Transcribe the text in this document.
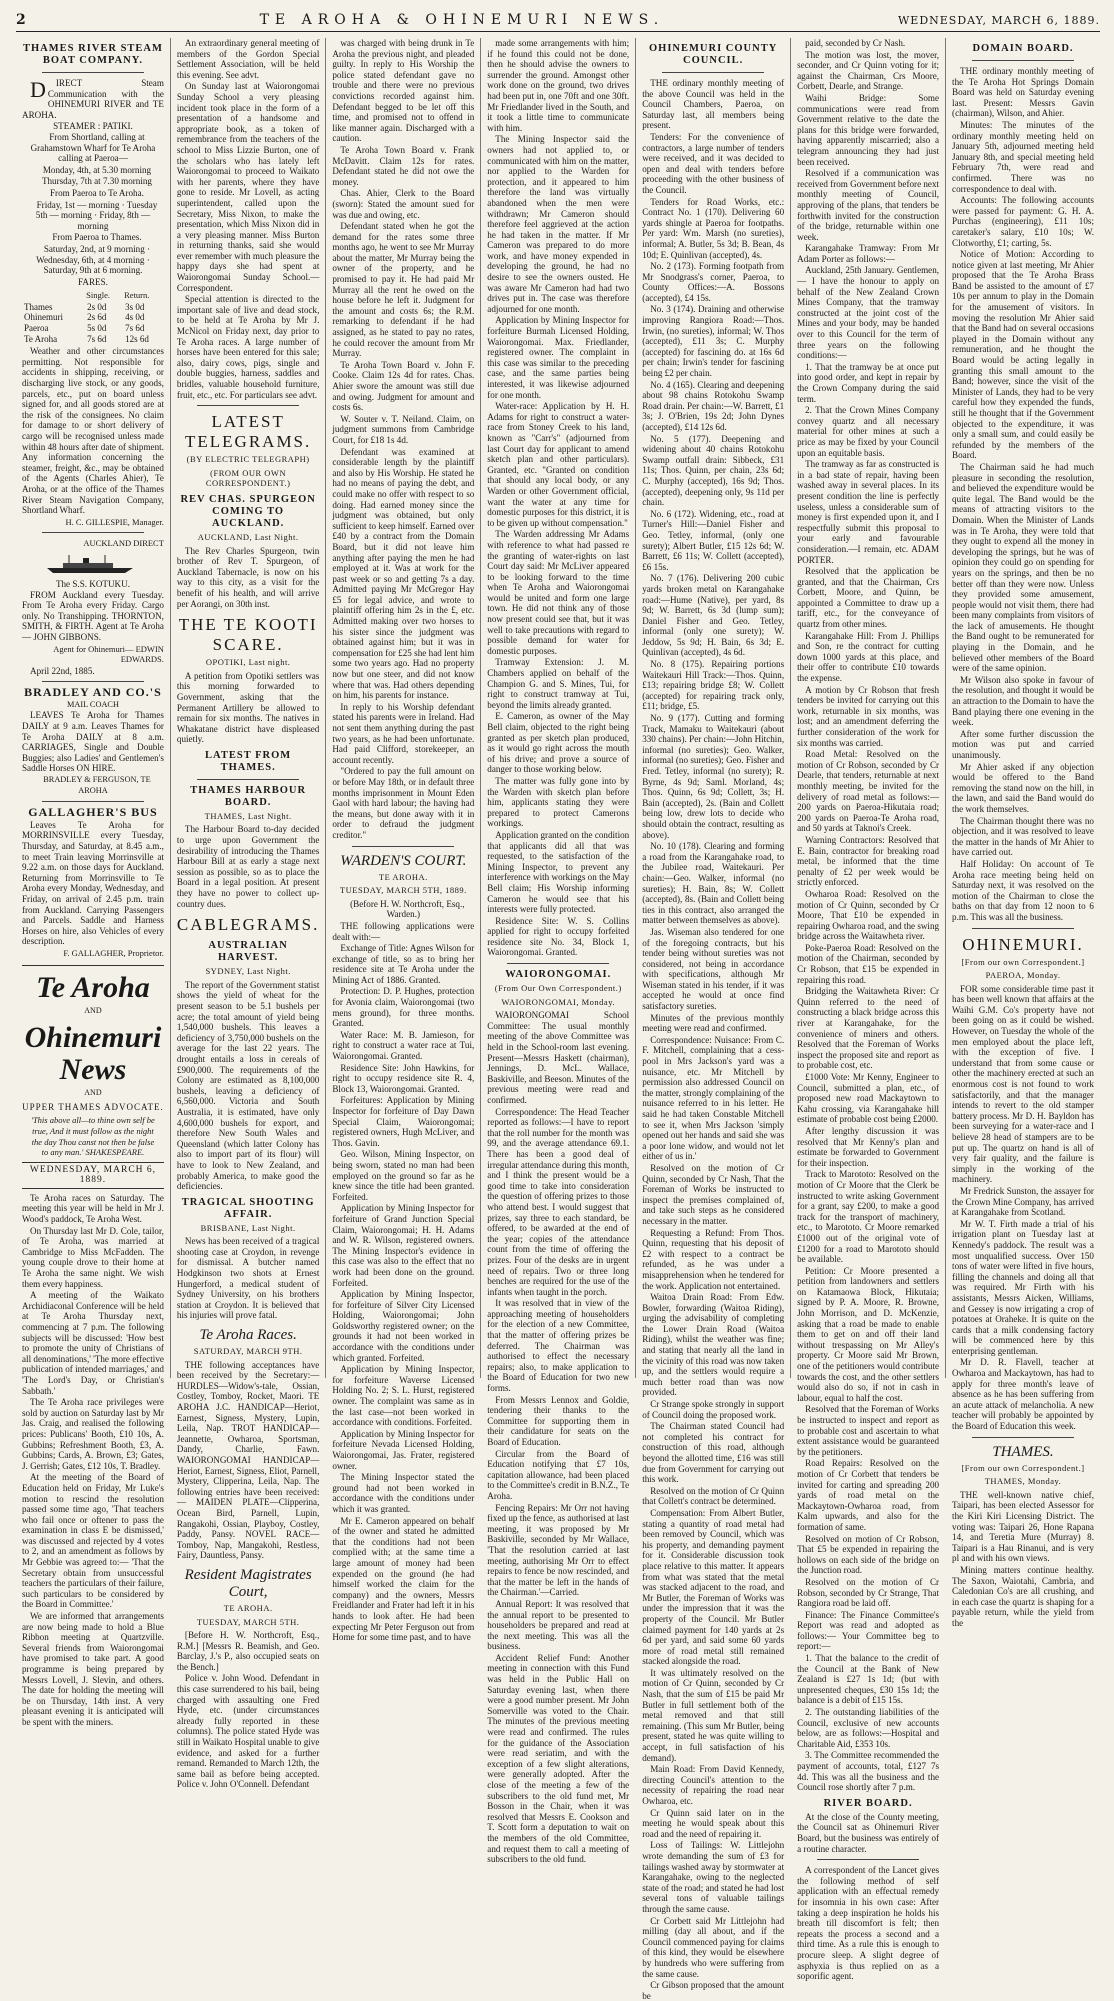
2	TE AROHA & OHINEMURI NEWS.	WEDNESDAY, MARCH 6, 1889.
THAMES RIVER STEAM BOAT COMPANY.

D IRECT Steam Communication with the OHINEMURI RIVER and TE AROHA.

STEAMER : PATIKI.

From Shortland, calling at Grahamstown Wharf for Te Aroha calling at Paeroa—

Monday, 4th, at 5.30 morning

Thursday, 7th at 7.30 morning

From Paeroa to Te Aroha.

Friday, 1st — morning · Tuesday 5th — morning · Friday, 8th — morning

From Paeroa to Thames.

Saturday, 2nd, at 9 morning · Wednesday, 6th, at 4 morning · Saturday, 9th at 6 morning.

FARES.
	Single.	Return.
Thames	2s 0d	3s 0d
Ohinemuri	2s 6d	4s 0d
Paeroa	5s 0d	7s 6d
Te Aroha	7s 6d	12s 6d

Weather and other circumstances permitting. Not responsible for accidents in shipping, receiving, or discharging live stock, or any goods, parcels, etc., put on board unless signed for, and all goods stored are at the risk of the consignees. No claim for damage to or short delivery of cargo will be recognised unless made within 48 hours after date of shipment. Any information concerning the steamer, freight, &c., may be obtained of the Agents (Charles Ahier), Te Aroha, or at the office of the Thames River Steam Navigation Company, Shortland Wharf.

H. C. GILLESPIE, Manager.

AUCKLAND DIRECT
The S.S. KOTUKU.

FROM Auckland every Tuesday. From Te Aroha every Friday. Cargo only. No Transhipping. THORNTON, SMITH, & FIRTH. Agent at Te Aroha— JOHN GIBBONS.

Agent for Ohinemuri— EDWIN EDWARDS.

April 22nd, 1885.

BRADLEY AND CO.'S
MAIL COACH

LEAVES Te Aroha for Thames DAILY at 9 a.m. Leaves Thames for Te Aroha DAILY at 8 a.m. CARRIAGES, Single and Double Buggies; also Ladies' and Gentlemen's Saddle Horses ON HIRE.

BRADLEY & FERGUSON, TE AROHA

GALLAGHER'S BUS

Leaves Te Aroha for MORRINSVILLE every Tuesday, Thursday, and Saturday, at 8.45 a.m., to meet Train leaving Morrinsville at 9.22 a.m. on those days for Auckland. Returning from Morrinsville to Te Aroha every Monday, Wednesday, and Friday, on arrival of 2.45 p.m. train from Auckland. Carrying Passengers and Parcels. Saddle and Harness Horses on hire, also Vehicles of every description.

F. GALLAGHER, Proprietor.

Te Aroha
AND
Ohinemuri News
AND
UPPER THAMES ADVOCATE.
'This above all—to thine own self be true, And it must follow as the night the day Thou canst not then be false to any man.' SHAKESPEARE.
WEDNESDAY, MARCH 6, 1889.

Te Aroha races on Saturday. The meeting this year will be held in Mr J. Wood's paddock, Te Aroha West.

On Thursday last Mr D. Cole, tailor, of Te Aroha, was married at Cambridge to Miss McFadden. The young couple drove to their home at Te Aroha the same night. We wish them every happiness.

A meeting of the Waikato Archidiaconal Conference will be held at Te Aroha Thursday next, commencing at 7 p.m. The following subjects will be discussed: 'How best to promote the unity of Christians of all denominations,' 'The more effective publication of intended marriages,' and 'The Lord's Day, or Christian's Sabbath.'

The Te Aroha race privileges were sold by auction on Saturday last by Mr Jas. Craig, and realised the following prices: Publicans' Booth, £10 10s, A. Gubbins; Refreshment Booth, £3, A. Gubbins; Cards, A. Brown, £3; Gates, J. Gerrish; Gates, £12 10s, T. Bradley.

At the meeting of the Board of Education held on Friday, Mr Luke's motion to rescind the resolution passed some time ago, 'That teachers who fail once or oftener to pass the examination in class E be dismissed,' was discussed and rejected by 4 votes to 2, and an amendment as follows by Mr Gebbie was agreed to:— 'That the Secretary obtain from unsuccessful teachers the particulars of their failure, such particulars to be considered by the Board in Committee.'

We are informed that arrangements are now being made to hold a Blue Ribbon meeting at Quartzville. Several friends from Waiorongomai have promised to take part. A good programme is being prepared by Messrs Lovell, J. Slevin, and others. The date for holding the meeting will be on Thursday, 14th inst. A very pleasant evening it is anticipated will be spent with the miners.

An extraordinary general meeting of members of the Gordon Special Settlement Association, will be held this evening. See advt.

On Sunday last at Waiorongomai Sunday School a very pleasing incident took place in the form of a presentation of a handsome and appropriate book, as a token of remembrance from the teachers of the school to Miss Lizzie Burton, one of the scholars who has lately left Waiorongomai to proceed to Waikato with her parents, where they have gone to reside. Mr Lovell, as acting superintendent, called upon the Secretary, Miss Nixon, to make the presentation, which Miss Nixon did in a very pleasing manner. Miss Burton in returning thanks, said she would ever remember with much pleasure the happy days she had spent at Waiorongomai Sunday School.—Correspondent.

Special attention is directed to the important sale of live and dead stock, to be held at Te Aroha by Mr J. McNicol on Friday next, day prior to Te Aroha races. A large number of horses have been entered for this sale; also, dairy cows, pigs, single and double buggies, harness, saddles and bridles, valuable household furniture, fruit, etc., etc. For particulars see advt.

LATEST TELEGRAMS.
(BY ELECTRIC TELEGRAPH)
(FROM OUR OWN CORRESPONDENT.)
REV CHAS. SPURGEON COMING TO AUCKLAND.
AUCKLAND, Last Night.

The Rev Charles Spurgeon, twin brother of Rev T. Spurgeon, of Auckland Tabernacle, is now on his way to this city, as a visit for the benefit of his health, and will arrive per Aorangi, on 30th inst.

THE TE KOOTI SCARE.
OPOTIKI, Last night.

A petition from Opotiki settlers was this morning forwarded to Government, asking that the Permanent Artillery be allowed to remain for six months. The natives in Whakatane district have displeased quietly.

LATEST FROM THAMES.
THAMES HARBOUR BOARD.
THAMES, Last Night.

The Harbour Board to-day decided to urge upon Government the desirability of introducing the Thames Harbour Bill at as early a stage next session as possible, so as to place the Board in a legal position. At present they have no power to collect up-country dues.

CABLEGRAMS.
AUSTRALIAN HARVEST.
SYDNEY, Last Night.

The report of the Government statist shows the yield of wheat for the present season to be 5.1 bushels per acre; the total amount of yield being 1,540,000 bushels. This leaves a deficiency of 3,750,000 bushels on the average for the last 22 years. The drought entails a loss in cereals of £900,000. The requirements of the Colony are estimated as 8,100,000 bushels, leaving a deficiency of 6,560,000. Victoria and South Australia, it is estimated, have only 4,600,000 bushels for export, and therefore New South Wales and Queensland (which latter Colony has also to import part of its flour) will have to look to New Zealand, and probably America, to make good the deficiencies.

TRAGICAL SHOOTING AFFAIR.
BRISBANE, Last Night.

News has been received of a tragical shooting case at Croydon, in revenge for dismissal. A butcher named Hodgkinson two shots at Ernest Hungerford, a medical student of Sydney University, on his brothers station at Croydon. It is believed that his injuries will prove fatal.

Te Aroha Races.
SATURDAY, MARCH 9TH.

THE following acceptances have been received by the Secretary:— HURDLES—Widow's-tale, Ossian, Costley, Tomboy, Rocket, Maori. TE AROHA J.C. HANDICAP—Heriot, Earnest, Signess, Mystery, Lupin, Leila, Nap. TROT HANDICAP—Jeannette, Owharoa, Sportsman, Dandy, Charlie, Fawn. WAIORONGOMAI HANDICAP—Heriot, Earnest, Signess, Eliot, Parnell, Mystery, Clipperina, Leila, Nap. The following entries have been received:— MAIDEN PLATE—Clipperina, Ocean Bird, Parnell, Lupin, Rangakohi, Ossian, Playboy, Costley, Paddy, Pansy. NOVEL RACE—Tomboy, Nap, Mangakohi, Restless, Fairy, Dauntless, Pansy.

Resident Magistrates Court,
TE AROHA.
TUESDAY, MARCH 5TH.

[Before H. W. Northcroft, Esq., R.M.] [Messrs R. Beamish, and Geo. Barclay, J.'s P., also occupied seats on the Bench.]

Police v. John Wood. Defendant in this case surrendered to his bail, being charged with assaulting one Fred Hyde, etc. (under circumstances already fully reported in these columns). The police stated Hyde was still in Waikato Hospital unable to give evidence, and asked for a further remand. Remanded to March 12th, the same bail as before being accepted. Police v. John O'Connell. Defendant

was charged with being drunk in Te Aroha the previous night, and pleaded guilty. In reply to His Worship the police stated defendant gave no trouble and there were no previous convictions recorded against him. Defendant begged to be let off this time, and promised not to offend in like manner again. Discharged with a caution.

Te Aroha Town Board v. Frank McDavitt. Claim 12s for rates. Defendant stated he did not owe the money.

Chas. Ahier, Clerk to the Board (sworn): Stated the amount sued for was due and owing, etc.

Defendant stated when he got the demand for the rates some three months ago, he went to see Mr Murray about the matter, Mr Murray being the owner of the property, and he promised to pay it. He had paid Mr Murray all the rent he owed on the house before he left it. Judgment for the amount and costs 6s; the R.M. remarking to defendant if he had assigned, as he stated to pay no rates, he could recover the amount from Mr Murray.

Te Aroha Town Board v. John F. Cooke. Claim 12s 4d for rates. Chas. Ahier swore the amount was still due and owing. Judgment for amount and costs 6s.

W. Souter v. T. Neiland. Claim, on judgment summons from Cambridge Court, for £18 1s 4d.

Defendant was examined at considerable length by the plaintiff and also by His Worship. He stated he had no means of paying the debt, and could make no offer with respect to so doing. Had earned money since the judgment was obtained, but only sufficient to keep himself. Earned over £40 by a contract from the Domain Board, but it did not leave him anything after paying the men he had employed at it. Was at work for the past week or so and getting 7s a day. Admitted paying Mr McGregor Hay £5 for legal advice, and wrote to plaintiff offering him 2s in the £, etc. Admitted making over two horses to his sister since the judgment was obtained against him; but it was in compensation for £25 she had lent him some two years ago. Had no property now but one steer, and did not know where that was. Had others depending on him, his parents for instance.

In reply to his Worship defendant stated his parents were in Ireland. Had not sent them anything during the past two years, as he had been unfortunate. Had paid Clifford, storekeeper, an account recently.

"Ordered to pay the full amount on or before May 18th, or in default three months imprisonment in Mount Eden Gaol with hard labour; the having had the means, but done away with it in order to defraud the judgment creditor."

WARDEN'S COURT.
TE AROHA.
TUESDAY, MARCH 5TH, 1889.

(Before H. W. Northcroft, Esq., Warden.)

THE following applications were dealt with:—

Exchange of Title: Agnes Wilson for exchange of title, so as to bring her residence site at Te Aroha under the Mining Act of 1886. Granted.

Protection: D. P. Hughes, protection for Avonia claim, Waiorongomai (two mens ground), for three months. Granted.

Water Race: M. B. Jamieson, for right to construct a water race at Tui, Waiorongomai. Granted.

Residence Site: John Hawkins, for right to occupy residence site R. 4, Block 13, Waiorongomai. Granted.

Forfeitures: Application by Mining Inspector for forfeiture of Day Dawn Special Claim, Waiorongomai; registered owners, Hugh McLiver, and Thos. Gavin.

Geo. Wilson, Mining Inspector, on being sworn, stated no man had been employed on the ground so far as he knew since the title had been granted. Forfeited.

Application by Mining Inspector for forfeiture of Grand Junction Special Claim, Waiorongomai; H. H. Adams and W. R. Wilson, registered owners. The Mining Inspector's evidence in this case was also to the effect that no work had been done on the ground. Forfeited.

Application by Mining Inspector, for forfeiture of Silver City Licensed Holding, Waiorongomai; John Goldsworthy registered owner; on the grounds it had not been worked in accordance with the conditions under which granted. Forfeited.

Application by Mining Inspector, for forfeiture Waverse Licensed Holding No. 2; S. L. Hurst, registered owner. The complaint was same as in the last case—not been worked in accordance with conditions. Forfeited.

Application by Mining Inspector for forfeiture Nevada Licensed Holding, Waiorongomai, Jas. Frater, registered owner.

The Mining Inspector stated the ground had not been worked in accordance with the conditions under which it was granted.

Mr E. Cameron appeared on behalf of the owner and stated he admitted that the conditions had not been complied with; at the same time a large amount of money had been expended on the ground (he had himself worked the claim for the company) and the owners, Messrs Freidlander and Frater had left it in his hands to look after. He had been expecting Mr Peter Ferguson out from Home for some time past, and to have

made some arrangements with him; if he found this could not be done, then he should advise the owners to surrender the ground. Amongst other work done on the ground, two drives had been put in, one 70ft and one 30ft. Mr Friedlander lived in the South, and it took a little time to communicate with him.

The Mining Inspector said the owners had not applied to, or communicated with him on the matter, nor applied to the Warden for protection, and it appeared to him therefore the land was virtually abandoned when the men were withdrawn; Mr Cameron should therefore feel aggrieved at the action he had taken in the matter. If Mr Cameron was prepared to do more work, and have money expended in developing the ground, he had no desire to see the owners ousted. He was aware Mr Cameron had had two drives put in. The case was therefore adjourned for one month.

Application by Mining Inspector for forfeiture Burmah Licensed Holding, Waiorongomai. Max. Friedlander, registered owner. The complaint in this case was similar to the preceding case, and the same parties being interested, it was likewise adjourned for one month.

Water-race: Application by H. H. Adams for right to construct a water-race from Stoney Creek to his land, known as "Carr's" (adjourned from last Court day for applicant to amend sketch plan and other particulars). Granted, etc. "Granted on condition that should any local body, or any Warden or other Government official, want the water at any time for domestic purposes for this district, it is to be given up without compensation."

The Warden addressing Mr Adams with reference to what had passed re the granting of water-rights on last Court day said: Mr McLiver appeared to be looking forward to the time when Te Aroha and Waiorongomai would be united and form one large town. He did not think any of those now present could see that, but it was well to take precautions with regard to possible demand for water for domestic purposes.

Tramway Extension: J. M. Chambers applied on behalf of the Champion G. and S. Mines, Tui, for right to construct tramway at Tui, beyond the limits already granted.

E. Cameron, as owner of the May Bell claim, objected to the right being granted as per sketch plan produced, as it would go right across the mouth of his drive; and prove a source of danger to those working below.

The matter was fully gone into by the Warden with sketch plan before him, applicants stating they were prepared to protect Camerons workings.

Application granted on the condition that applicants did all that was requested, to the satisfaction of the Mining Inspector, to prevent any interference with workings on the May Bell claim; His Worship informing Cameron he would see that his interests were fully protected.

Residence Site: W. S. Collins applied for right to occupy forfeited residence site No. 34, Block 1, Waiorongomai. Granted.

WAIORONGOMAI.
(From Our Own Correspondent.)
WAIORONGOMAI, Monday.

WAIORONGOMAI School Committee: The usual monthly meeting of the above Committee was held in the School-room last evening. Present—Messrs Haskett (chairman), Jennings, D. McL. Wallace, Baskiville, and Beeson. Minutes of the previous meeting were read and confirmed.

Correspondence: The Head Teacher reported as follows:—I have to report that the roll number for the month was 99, and the average attendance 69.1. There has been a good deal of irregular attendance during this month, and I think the present would be a good time to take into consideration the question of offering prizes to those who attend best. I would suggest that prizes, say three to each standard, be offered, to be awarded at the end of the year; copies of the attendance count from the time of offering the prizes. Four of the desks are in urgent need of repairs. Two or three long benches are required for the use of the infants when taught in the porch.

It was resolved that in view of the approaching meeting of householders for the election of a new Committee, that the matter of offering prizes be deferred. The Chairman was authorised to effect the necessary repairs; also, to make application to the Board of Education for two new forms.

From Messrs Lennox and Goldie, tendering their thanks to the Committee for supporting them in their candidature for seats on the Board of Education.

Circular from the Board of Education notifying that £7 10s, capitation allowance, had been placed to the Committee's credit in B.N.Z., Te Aroha.

Fencing Repairs: Mr Orr not having fixed up the fence, as authorised at last meeting, it was proposed by Mr Baskiville, seconded by Mr Wallace, 'That the resolution carried at last meeting, authorising Mr Orr to effect repairs to fence be now rescinded, and that the matter be left in the hands of the Chairman.'—Carried.

Annual Report: It was resolved that the annual report to be presented to householders be prepared and read at the next meeting. This was all the business.

Accident Relief Fund: Another meeting in connection with this Fund was held in the Public Hall on Saturday evening last, when there were a good number present. Mr John Somerville was voted to the Chair. The minutes of the previous meeting were read and confirmed. The rules for the guidance of the Association were read seriatim, and with the exception of a few slight alterations, were generally adopted. After the close of the meeting a few of the subscribers to the old fund met, Mr Bosson in the Chair, when it was resolved that Messrs E. Cookson and T. Scott form a deputation to wait on the members of the old Committee, and request them to call a meeting of subscribers to the old fund.

OHINEMURI COUNTY COUNCIL.

THE ordinary monthly meeting of the above Council was held in the Council Chambers, Paeroa, on Saturday last, all members being present.

Tenders: For the convenience of contractors, a large number of tenders were received, and it was decided to open and deal with tenders before proceeding with the other business of the Council.

Tenders for Road Works, etc.: Contract No. 1 (170). Delivering 60 yards shingle at Paeroa for footpaths. Per yard: Wm. Marsh (no sureties), informal; A. Butler, 5s 3d; B. Bean, 4s 10d; E. Quinlivan (accepted), 4s.

No. 2 (173). Forming footpath from Mr Snodgrass's corner, Paeroa, to County Offices:—A. Bossons (accepted), £4 15s.

No. 3 (174). Draining and otherwise improving Rangiora Road:—Thos. Irwin, (no sureties), informal; W. Thos (accepted), £11 3s; C. Murphy (accepted) for fascining do. at 16s 6d per chain; Irwin's tender for fascining being £2 per chain.

No. 4 (165). Clearing and deepening about 98 chains Rotokohu Swamp Road drain. Per chain:—W. Barrett, £1 3s; J. O'Brien, 19s 2d; John Dynes (accepted), £14 12s 6d.

No. 5 (177). Deepening and widening about 40 chains Rotokohu Swamp outfall drain: Sibbeck, £31 11s; Thos. Quinn, per chain, 23s 6d; C. Murphy (accepted), 16s 9d; Thos. (accepted), deepening only, 9s 11d per chain.

No. 6 (172). Widening, etc., road at Turner's Hill:—Daniel Fisher and Geo. Tetley, informal, (only one surety); Albert Butler, £15 12s 6d; W. Barrett, £6 11s; W. Collett (accepted), £6 15s.

No. 7 (176). Delivering 200 cubic yards broken metal on Karangahake road:—Hume (Native), per yard, 8s 9d; W. Barrett, 6s 3d (lump sum); Daniel Fisher and Geo. Tetley, informal (only one surety); W. Jeddow, 5s 9d; H. Bain, 6s 3d; E. Quinlivan (accepted), 4s 6d.

No. 8 (175). Repairing portions Waitekauri Hill Track:—Thos. Quinn, £13; repairing bridge £8; W. Collett (accepted) for repairing track only, £11; bridge, £5.

No. 9 (177). Cutting and forming Track, Mamaku to Waitekauri (about 330 chains). Per chain:—John Hitchin, informal (no sureties); Geo. Walker, informal (no sureties); Geo. Fisher and Fred. Tetley, informal (no surety); R. Byrne, 4s 9d; Saml. Morland, 4s; Thos. Quinn, 6s 9d; Collett, 3s; H. Bain (accepted), 2s. (Bain and Collett being low, drew lots to decide who should obtain the contract, resulting as above).

No. 10 (178). Clearing and forming a road from the Karangahake road, to the Jubilee road, Waitekauri. Per chain:—Geo. Walker, informal (no sureties); H. Bain, 8s; W. Collett (accepted), 8s. (Bain and Collett being ties in this contract, also arranged the matter between themselves as above).

Jas. Wiseman also tendered for one of the foregoing contracts, but his tender being without sureties was not considered, not being in accordance with specifications, although Mr Wiseman stated in his tender, if it was accepted he would at once find satisfactory sureties.

Minutes of the previous monthly meeting were read and confirmed.

Correspondence: Nuisance: From C. F. Mitchell, complaining that a cess-pool in Mrs Jackson's yard was a nuisance, etc. Mr Mitchell by permission also addressed Council on the matter, strongly complaining of the nuisance referred to in his letter. He said he had taken Constable Mitchell to see it, when Mrs Jackson 'simply opened out her hands and said she was a poor lone widow, and would not let either of us in.'

Resolved on the motion of Cr Quinn, seconded by Cr Nash, That the Foreman of Works be instructed to inspect the premises complained of, and take such steps as he considered necessary in the matter.

Requesting a Refund: From Thos. Quinn, requesting that his deposit of £2 with respect to a contract be refunded, as he was under a misapprehension when he tendered for the work. Application not entertained.

Waitoa Drain Road: From Edw. Bowler, forwarding (Waitoa Riding), urging the advisability of completing the Lower Drain Road (Waitoa Riding), whilst the weather was fine; and stating that nearly all the land in the vicinity of this road was now taken up, and the settlers would require a much better road than was now provided.

Cr Strange spoke strongly in support of Council doing the proposed work.

The Chairman stated Council had not completed his contract for construction of this road, although beyond the allotted time, £16 was still due from Government for carrying out this work.

Resolved on the motion of Cr Quinn that Collett's contract be determined.

Compensation: From Albert Butler, stating a quantity of road metal had been removed by Council, which was his property, and demanding payment for it. Considerable discussion took place relative to this matter. It appears from what was stated that the metal was stacked adjacent to the road, and Mr Butler, the Foreman of Works was under the impression that it was the property of the Council. Mr Butler claimed payment for 140 yards at 2s 6d per yard, and said some 60 yards more of road metal still remained stacked alongside the road.

It was ultimately resolved on the motion of Cr Quinn, seconded by Cr Nash, that the sum of £15 be paid Mr Butler in full settlement both of the metal removed and that still remaining. (This sum Mr Butler, being present, stated he was quite willing to accept, in full satisfaction of his demand).

Main Road: From David Kennedy, directing Council's attention to the necessity of repairing the road near Owharoa, etc.

Cr Quinn said later on in the meeting he would speak about this road and the need of repairing it.

Loss of Tailings: W. Littlejohn wrote demanding the sum of £3 for tailings washed away by stormwater at Karangahake, owing to the neglected state of the road; and stated he had lost several tons of valuable tailings through the same cause.

Cr Corbett said Mr Littlejohn had milling (day all about, and if the Council commenced paying for claims of this kind, they would be elsewhere by hundreds who were suffering from the same cause.

Cr Gibson proposed that the amount be

paid, seconded by Cr Nash.

The motion was lost, the mover, seconder, and Cr Quinn voting for it; against the Chairman, Crs Moore, Corbett, Dearle, and Strange.

Waihi Bridge: Some communications were read from Government relative to the date the plans for this bridge were forwarded, having apparently miscarried; also a telegram announcing they had just been received.

Resolved if a communication was received from Government before next monthly meeting of Council, approving of the plans, that tenders be forthwith invited for the construction of the bridge, returnable within one week.

Karangahake Tramway: From Mr Adam Porter as follows:—

Auckland, 25th January. Gentlemen,— I have the honour to apply on behalf of the New Zealand Crown Mines Company, that the tramway constructed at the joint cost of the Mines and your body, may be handed over to this Council for the term of three years on the following conditions:—

1. That the tramway be at once put into good order, and kept in repair by the Crown Company during the said term.

2. That the Crown Mines Company convey quartz and all necessary material for other mines at such a price as may be fixed by your Council upon an equitable basis.

The tramway as far as constructed is in a bad state of repair, having been washed away in several places. In its present condition the line is perfectly useless, unless a considerable sum of money is first expended upon it, and I respectfully submit this proposal to your early and favourable consideration.—I remain, etc. ADAM PORTER.

Resolved that the application be granted, and that the Chairman, Crs Corbett, Moore, and Quinn, be appointed a Committee to draw up a tariff, etc., for the conveyance of quartz from other mines.

Karangahake Hill: From J. Phillips and Son, re the contract for cutting down 1000 yards at this place, and their offer to contribute £10 towards the expense.

A motion by Cr Robson that fresh tenders be invited for carrying out this work, returnable in six months, was lost; and an amendment deferring the further consideration of the work for six months was carried.

Road Metal: Resolved on the motion of Cr Robson, seconded by Cr Dearle, that tenders, returnable at next monthly meeting, be invited for the delivery of road metal as follows:—200 yards on Paeroa-Hikutaia road; 200 yards on Paeroa-Te Aroha road, and 50 yards at Taknoi's Creek.

Warning Contractors: Resolved that E. Bain, contractor for breaking road metal, be informed that the time penalty of £2 per week would be strictly enforced.

Owharoa Road: Resolved on the motion of Cr Quinn, seconded by Cr Moore, That £10 be expended in repairing Owharoa road, and the swing bridge across the Waitawheta river.

Poke-Paeroa Road: Resolved on the motion of the Chairman, seconded by Cr Robson, that £15 be expended in repairing this road.

Bridging the Waitawheta River: Cr Quinn referred to the need of constructing a black bridge across this river at Karangahake, for the convenience of miners and others. Resolved that the Foreman of Works inspect the proposed site and report as to probable cost, etc.

£1000 Vote: Mr Kenny, Engineer to Council, submitted a plan, etc., of proposed new road Mackaytown to Kahu crossing, via Karangahake hill estimate of probable cost being £2000.

After lengthy discussion it was resolved that Mr Kenny's plan and estimate be forwarded to Government for their inspection.

Track to Marototo: Resolved on the motion of Cr Moore that the Clerk be instructed to write asking Government for a grant, say £200, to make a good track for the transport of machinery, etc., to Marototo. Cr Moore remarked £1000 out of the original vote of £1200 for a road to Marototo should be available.

Petition: Cr Moore presented a petition from landowners and settlers on Katamaowa Block, Hikutaia; signed by P. A. Moore, R. Browne, John Morrison, and D. McKenzie, asking that a road be made to enable them to get on and off their land without trespassing on Mr Alley's property. Cr Moore said Mr Brown, one of the petitioners would contribute towards the cost, and the other settlers would also do so, if not in cash in labour, equal to half the cost.

Resolved that the Foreman of Works be instructed to inspect and report as to probable cost and ascertain to what extent assistance would be guaranteed by the petitioners.

Road Repairs: Resolved on the motion of Cr Corbett that tenders be invited for carting and spreading 200 yards of road metal on the Mackaytown-Owharoa road, from Kalm upwards, and also for the formation of same.

Resolved on motion of Cr Robson, That £5 be expended in repairing the hollows on each side of the bridge on the Junction road.

Resolved on the motion of Cr Robson, seconded by Cr Strange, That Rangiora road be laid off.

Finance: The Finance Committee's Report was read and adopted as follows:— Your Committee beg to report:—

1. That the balance to the credit of the Council at the Bank of New Zealand is £27 1s 1d; (but with unpresented cheques, £30 15s 1d; the balance is a debit of £15 15s.

2. The outstanding liabilities of the Council, exclusive of new accounts below, are as follows:—Hospital and Charitable Aid, £353 10s.

3. The Committee recommended the payment of accounts, total, £127 7s 4d. This was all the business and the Council rose shortly after 7 p.m.

RIVER BOARD.

At the close of the County meeting, the Council sat as Ohinemuri River Board, but the business was entirely of a routine character.

A correspondent of the Lancet gives the following method of self application with an effectual remedy for insomnia in his own case: After taking a deep inspiration he holds his breath till discomfort is felt; then repeats the process a second and a third time. As a rule this is enough to procure sleep. A slight degree of asphyxia is thus replied on as a soporific agent.

DOMAIN BOARD.

THE ordinary monthly meeting of the Te Aroha Hot Springs Domain Board was held on Saturday evening last. Present: Messrs Gavin (chairman), Wilson, and Ahier.

Minutes: The minutes of the ordinary monthly meeting held on January 5th, adjourned meeting held January 8th, and special meeting held February 7th, were read and confirmed. There was no correspondence to deal with.

Accounts: The following accounts were passed for payment: G. H. A. Purchas (engineering), £11 10s; caretaker's salary, £10 10s; W. Clotworthy, £1; carting, 5s.

Notice of Motion: According to notice given at last meeting, Mr Ahier proposed that the Te Aroha Brass Band be assisted to the amount of £7 10s per annum to play in the Domain for the amusement of visitors. In moving the resolution Mr Ahier said that the Band had on several occasions played in the Domain without any remuneration, and he thought the Board would be acting legally in granting this small amount to the Band; however, since the visit of the Minister of Lands, they had to be very careful how they expended the funds, still he thought that if the Government objected to the expenditure, it was only a small sum, and could easily be refunded by the members of the Board.

The Chairman said he had much pleasure in seconding the resolution, and believed the expenditure would be quite legal. The Band would be the means of attracting visitors to the Domain. When the Minister of Lands was in Te Aroha, they were told that they ought to expend all the money in developing the springs, but he was of opinion they could go on spending for years on the springs, and then be no better off than they were now. Unless they provided some amusement, people would not visit them, there had been many complaints from visitors of the lack of amusements. He thought the Band ought to be remunerated for playing in the Domain, and he believed other members of the Board were of the same opinion.

Mr Wilson also spoke in favour of the resolution, and thought it would be an attraction to the Domain to have the Band playing there one evening in the week.

After some further discussion the motion was put and carried unanimously.

Mr Ahier asked if any objection would be offered to the Band removing the stand now on the hill, in the lawn, and said the Band would do the work themselves.

The Chairman thought there was no objection, and it was resolved to leave the matter in the hands of Mr Ahier to have carried out.

Half Holiday: On account of Te Aroha race meeting being held on Saturday next, it was resolved on the motion of the Chairman to close the baths on that day from 12 noon to 6 p.m. This was all the business.

OHINEMURI.
[From our own Correspondent.]
PAEROA, Monday.

FOR some considerable time past it has been well known that affairs at the Waihi G.M. Co's property have not been going on as it could be wished. However, on Tuesday the whole of the men employed about the place left, with the exception of five. I understand that from some cause or other the machinery erected at such an enormous cost is not found to work satisfactorily, and that the manager intends to revert to the old stamper battery process. Mr D. H. Bayldon has been surveying for a water-race and I believe 28 head of stampers are to be put up. The quartz on hand is all of very fair quality, and the failure is simply in the working of the machinery.

Mr Fredrick Sunston, the assayer for the Crown Mine Company, has arrived at Karangahake from Scotland.

Mr W. T. Firth made a trial of his irrigation plant on Tuesday last at Kennedy's paddock. The result was a most unqualified success. Over 150 tons of water were lifted in five hours, filling the channels and doing all that was required. Mr Firth with his assistants, Messrs Aicken, Williams, and Gessey is now irrigating a crop of potatoes at Oraheke. It is quite on the cards that a milk condensing factory will be commenced here by this enterprising gentleman.

Mr D. R. Flavell, teacher at Owharoa and Mackaytown, has had to apply for three month's leave of absence as he has been suffering from an acute attack of melancholia. A new teacher will probably be appointed by the Board of Education this week.

THAMES.
[From our own Correspondent.]
THAMES, Monday.

THE well-known native chief, Taipari, has been elected Assessor for the Kiri Kiri Licensing District. The voting was: Taipari 26, Hone Rapana 14, and Teretia Mure (Murray) 8. Taipari is a Hau Rinanui, and is very pl and with his own views.

Mining matters continue healthy. The Saxon, Waiotahi, Cambria, and Caledonian Co's are all crushing, and in each case the quartz is shaping for a payable return, while the yield from the
